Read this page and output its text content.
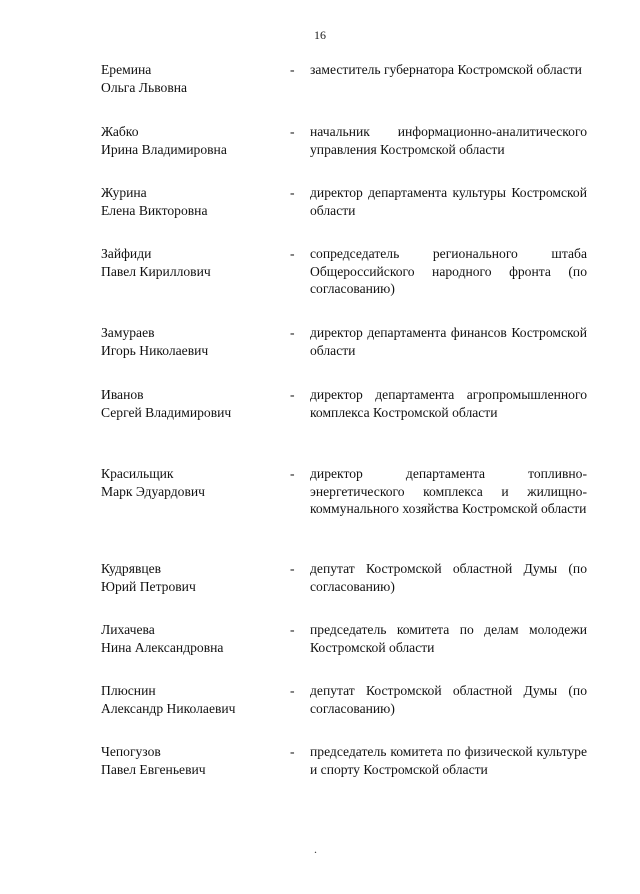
16
Еремина
Ольга Львовна
-	заместитель губернатора Костромской области
Жабко
Ирина Владимировна
-	начальник информационно-аналитического управления Костромской области
Журина
Елена Викторовна
-	директор департамента культуры Костромской области
Зайфиди
Павел Кириллович
-	сопредседатель регионального штаба Общероссийского народного фронта (по согласованию)
Замураев
Игорь Николаевич
-	директор департамента финансов Костромской области
Иванов
Сергей Владимирович
-	директор департамента агропромышленного комплекса Костромской области
Красильщик
Марк Эдуардович
-	директор департамента топливно-энергетического комплекса и жилищно-коммунального хозяйства Костромской области
Кудрявцев
Юрий Петрович
-	депутат Костромской областной Думы (по согласованию)
Лихачева
Нина Александровна
-	председатель комитета по делам молодежи Костромской области
Плюснин
Александр Николаевич
-	депутат Костромской областной Думы (по согласованию)
Чепогузов
Павел Евгеньевич
-	председатель комитета по физической культуре и спорту Костромской области
.
